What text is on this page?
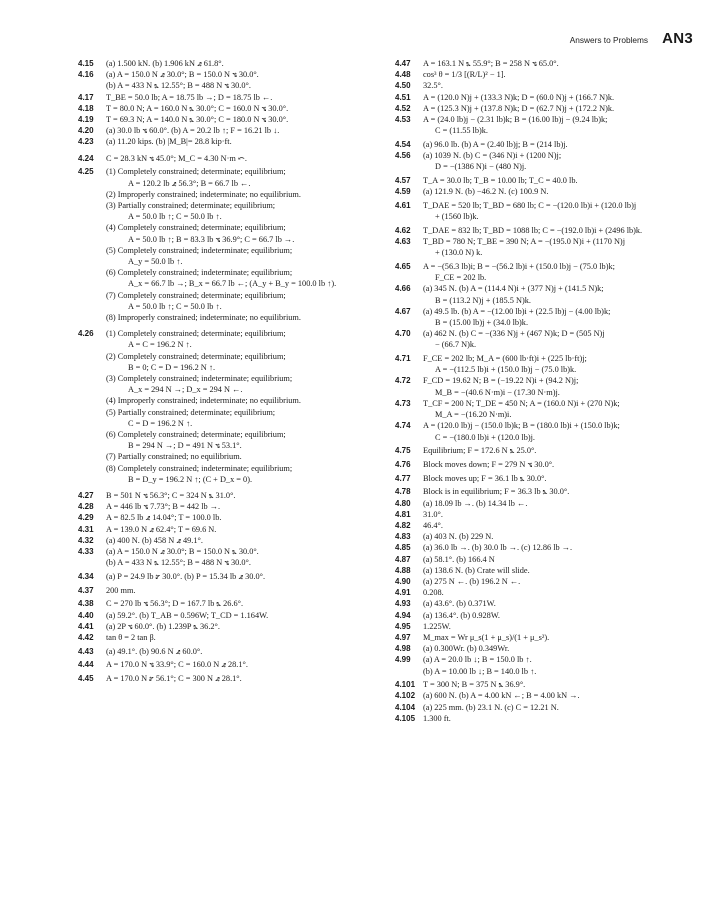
Answers to Problems AN3
4.15	(a) 1.500 kN. (b) 1.906 kN ⦨ 61.8°.
4.16	(a) A = 150.0 N ⦨ 30.0°; B = 150.0 N ⦪ 30.0°.
(b) A = 433 N ⦩ 12.55°; B = 488 N ⦪ 30.0°.
4.17	T_BE = 50.0 lb; A = 18.75 lb →; D = 18.75 lb ←.
4.18	T = 80.0 N; A = 160.0 N ⦩ 30.0°; C = 160.0 N ⦪ 30.0°.
4.19	T = 69.3 N; A = 140.0 N ⦩ 30.0°; C = 180.0 N ⦪ 30.0°.
4.20	(a) 30.0 lb ⦪ 60.0°. (b) A = 20.2 lb ↑; F = 16.21 lb ↓.
4.23	(a) 11.20 kips. (b) |M_B|= 28.8 kip·ft.
4.24	C = 28.3 kN ⦪ 45.0°; M_C = 4.30 N·m ⤺.
4.25	(1) Completely constrained; determinate; equilibrium;
A = 120.2 lb ⦨ 56.3°; B = 66.7 lb ←.
(2) Improperly constrained; indeterminate; no equilibrium.
(3) Partially constrained; determinate; equilibrium;
A = 50.0 lb ↑; C = 50.0 lb ↑.
(4) Completely constrained; determinate; equilibrium;
A = 50.0 lb ↑; B = 83.3 lb ⦪ 36.9°; C = 66.7 lb →.
(5) Completely constrained; indeterminate; equilibrium;
A_y = 50.0 lb ↑.
(6) Completely constrained; indeterminate; equilibrium;
A_x = 66.7 lb →; B_x = 66.7 lb ←; (A_y + B_y = 100.0 lb ↑).
(7) Completely constrained; determinate; equilibrium;
A = 50.0 lb ↑; C = 50.0 lb ↑.
(8) Improperly constrained; indeterminate; no equilibrium.
4.26	(1) Completely constrained; determinate; equilibrium;
A = C = 196.2 N ↑.
(2) Completely constrained; determinate; equilibrium;
B = 0; C = D = 196.2 N ↑.
(3) Completely constrained; indeterminate; equilibrium;
A_x = 294 N →; D_x = 294 N ←.
(4) Improperly constrained; indeterminate; no equilibrium.
(5) Partially constrained; determinate; equilibrium;
C = D = 196.2 N ↑.
(6) Completely constrained; determinate; equilibrium;
B = 294 N →; D = 491 N ⦪ 53.1°.
(7) Partially constrained; no equilibrium.
(8) Completely constrained; indeterminate; equilibrium;
B = D_y = 196.2 N ↑; (C + D_x = 0).
4.27	B = 501 N ⦪ 56.3°; C = 324 N ⦩ 31.0°.
4.28	A = 446 lb ⦪ 7.73°; B = 442 lb →.
4.29	A = 82.5 lb ⦨ 14.04°; T = 100.0 lb.
4.31	A = 139.0 N ⦨ 62.4°; T = 69.6 N.
4.32	(a) 400 N. (b) 458 N ⦨ 49.1°.
4.33	(a) A = 150.0 N ⦨ 30.0°; B = 150.0 N ⦩ 30.0°.
(b) A = 433 N ⦩ 12.55°; B = 488 N ⦪ 30.0°.
4.34	(a) P = 24.9 lb ⦫ 30.0°. (b) P = 15.34 lb ⦨ 30.0°.
4.37	200 mm.
4.38	C = 270 lb ⦪ 56.3°; D = 167.7 lb ⦩ 26.6°.
4.40	(a) 59.2°. (b) T_AB = 0.596W; T_CD = 1.164W.
4.41	(a) 2P ⦪ 60.0°. (b) 1.239P ⦩ 36.2°.
4.42	tan θ = 2 tan β.
4.43	(a) 49.1°. (b) 90.6 N ⦨ 60.0°.
4.44	A = 170.0 N ⦪ 33.9°; C = 160.0 N ⦨ 28.1°.
4.45	A = 170.0 N ⦫ 56.1°; C = 300 N ⦨ 28.1°.
4.47	A = 163.1 N ⦩ 55.9°; B = 258 N ⦪ 65.0°.
4.48	cos³ θ = 1/3 [(R/L)² − 1].
4.50	32.5°.
4.51	A = (120.0 N)j + (133.3 N)k; D = (60.0 N)j + (166.7 N)k.
4.52	A = (125.3 N)j + (137.8 N)k; D = (62.7 N)j + (172.2 N)k.
4.53	A = (24.0 lb)j − (2.31 lb)k; B = (16.00 lb)j − (9.24 lb)k;
C = (11.55 lb)k.
4.54	(a) 96.0 lb. (b) A = (2.40 lb)j; B = (214 lb)j.
4.56	(a) 1039 N. (b) C = (346 N)i + (1200 N)j;
D = −(1386 N)i − (480 N)j.
4.57	T_A = 30.0 lb; T_B = 10.00 lb; T_C = 40.0 lb.
4.59	(a) 121.9 N. (b) −46.2 N. (c) 100.9 N.
4.61	T_DAE = 520 lb; T_BD = 680 lb; C = −(120.0 lb)i + (120.0 lb)j
+ (1560 lb)k.
4.62	T_DAE = 832 lb; T_BD = 1088 lb; C = −(192.0 lb)i + (2496 lb)k.
4.63	T_BD = 780 N; T_BE = 390 N; A = −(195.0 N)i + (1170 N)j
+ (130.0 N) k.
4.65	A = −(56.3 lb)i; B = −(56.2 lb)i + (150.0 lb)j − (75.0 lb)k;
F_CE = 202 lb.
4.66	(a) 345 N. (b) A = (114.4 N)i + (377 N)j + (141.5 N)k;
B = (113.2 N)j + (185.5 N)k.
4.67	(a) 49.5 lb. (b) A = −(12.00 lb)i + (22.5 lb)j − (4.00 lb)k;
B = (15.00 lb)j + (34.0 lb)k.
4.70	(a) 462 N. (b) C = −(336 N)j + (467 N)k; D = (505 N)j
− (66.7 N)k.
4.71	F_CE = 202 lb; M_A = (600 lb·ft)i + (225 lb·ft)j;
A = −(112.5 lb)i + (150.0 lb)j − (75.0 lb)k.
4.72	F_CD = 19.62 N; B = (−19.22 N)i + (94.2 N)j;
M_B = −(40.6 N·m)i − (17.30 N·m)j.
4.73	T_CF = 200 N; T_DE = 450 N; A = (160.0 N)i + (270 N)k;
M_A = −(16.20 N·m)i.
4.74	A = (120.0 lb)j − (150.0 lb)k; B = (180.0 lb)i + (150.0 lb)k;
C = −(180.0 lb)i + (120.0 lb)j.
4.75	Equilibrium; F = 172.6 N ⦩ 25.0°.
4.76	Block moves down; F = 279 N ⦪ 30.0°.
4.77	Block moves up; F = 36.1 lb ⦩ 30.0°.
4.78	Block is in equilibrium; F = 36.3 lb ⦩ 30.0°.
4.80	(a) 18.09 lb →. (b) 14.34 lb ←.
4.81	31.0°.
4.82	46.4°.
4.83	(a) 403 N. (b) 229 N.
4.85	(a) 36.0 lb →. (b) 30.0 lb →. (c) 12.86 lb →.
4.87	(a) 58.1°. (b) 166.4 N
4.88	(a) 138.6 N. (b) Crate will slide.
4.90	(a) 275 N ←. (b) 196.2 N ←.
4.91	0.208.
4.93	(a) 43.6°. (b) 0.371W.
4.94	(a) 136.4°. (b) 0.928W.
4.95	1.225W.
4.97	M_max = Wr μ_s(1 + μ_s)/(1 + μ_s²).
4.98	(a) 0.300Wr. (b) 0.349Wr.
4.99	(a) A = 20.0 lb ↓; B = 150.0 lb ↑.
(b) A = 10.00 lb ↓; B = 140.0 lb ↑.
4.101 T = 300 N; B = 375 N ⦩ 36.9°.
4.102 (a) 600 N. (b) A = 4.00 kN ←; B = 4.00 kN →.
4.104 (a) 225 mm. (b) 23.1 N. (c) C = 12.21 N.
4.105 1.300 ft.
